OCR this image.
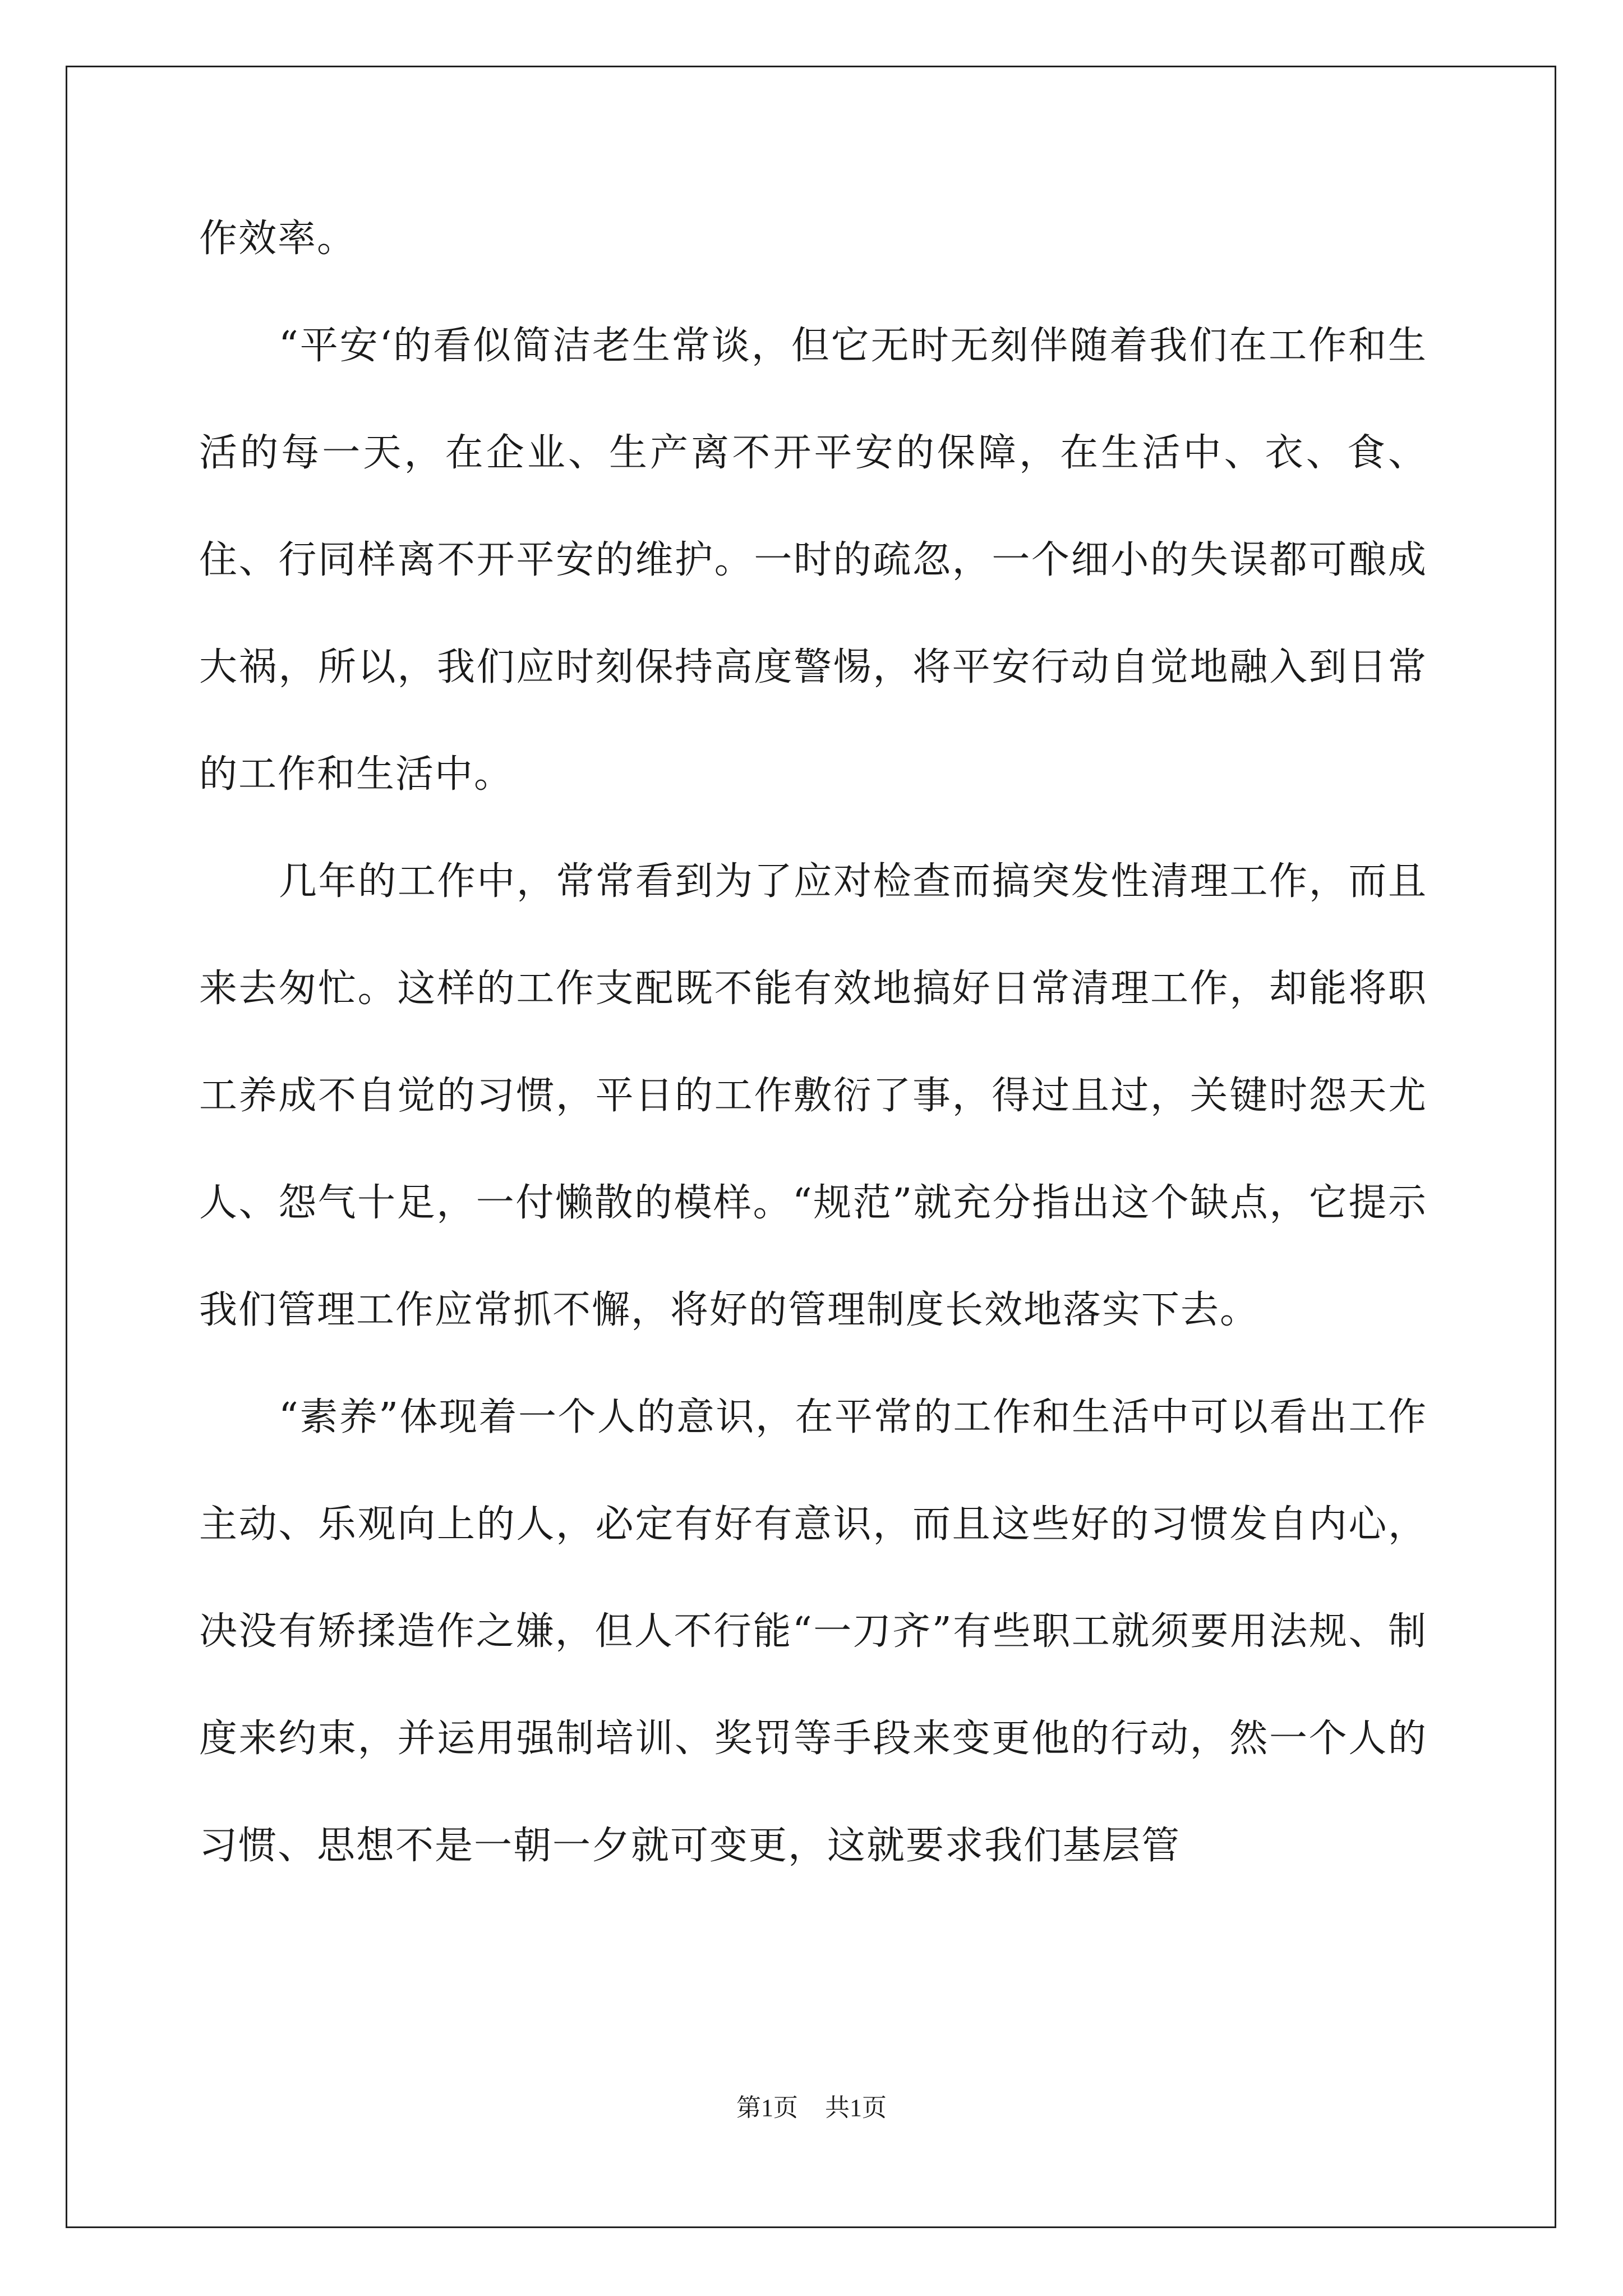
作效率。

“平安‘的看似简洁老生常谈，但它无时无刻伴随着我们在工作和生活的每一天，在企业、生产离不开平安的保障，在生活中、衣、食、住、行同样离不开平安的维护。一时的疏忽，一个细小的失误都可酿成大祸，所以，我们应时刻保持高度警惕，将平安行动自觉地融入到日常的工作和生活中。

几年的工作中，常常看到为了应对检查而搞突发性清理工作，而且来去匆忙。这样的工作支配既不能有效地搞好日常清理工作，却能将职工养成不自觉的习惯，平日的工作敷衍了事，得过且过，关键时怨天尤人、怨气十足，一付懒散的模样。“规范”就充分指出这个缺点，它提示我们管理工作应常抓不懈，将好的管理制度长效地落实下去。

“素养”体现着一个人的意识，在平常的工作和生活中可以看出工作主动、乐观向上的人，必定有好有意识，而且这些好的习惯发自内心，决没有矫揉造作之嫌，但人不行能“一刀齐”有些职工就须要用法规、制度来约束，并运用强制培训、奖罚等手段来变更他的行动，然一个人的习惯、思想不是一朝一夕就可变更，这就要求我们基层管

第1页 共1页
